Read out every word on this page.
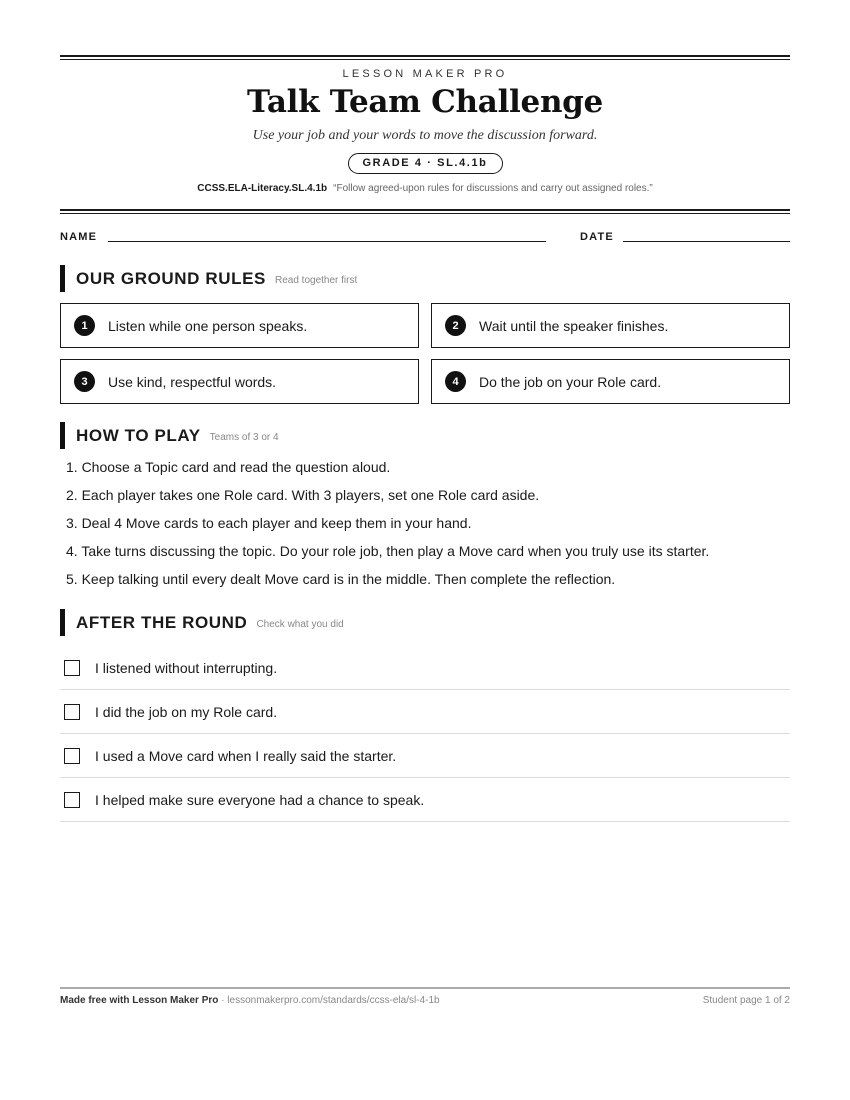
LESSON MAKER PRO
Talk Team Challenge
Use your job and your words to move the discussion forward.
GRADE 4 · SL.4.1b
CCSS.ELA-Literacy.SL.4.1b “Follow agreed-upon rules for discussions and carry out assigned roles.”
NAME	DATE
OUR GROUND RULES Read together first
1	Listen while one person speaks.	2	Wait until the speaker finishes.
3	Use kind, respectful words.	4	Do the job on your Role card.
HOW TO PLAY Teams of 3 or 4
1. Choose a Topic card and read the question aloud.
2. Each player takes one Role card. With 3 players, set one Role card aside.
3. Deal 4 Move cards to each player and keep them in your hand.
4. Take turns discussing the topic. Do your role job, then play a Move card when you truly use its starter.
5. Keep talking until every dealt Move card is in the middle. Then complete the reflection.
AFTER THE ROUND Check what you did
I listened without interrupting.
I did the job on my Role card.
I used a Move card when I really said the starter.
I helped make sure everyone had a chance to speak.
Made free with Lesson Maker Pro · lessonmakerpro.com/standards/ccss-ela/sl-4-1b	Student page 1 of 2
